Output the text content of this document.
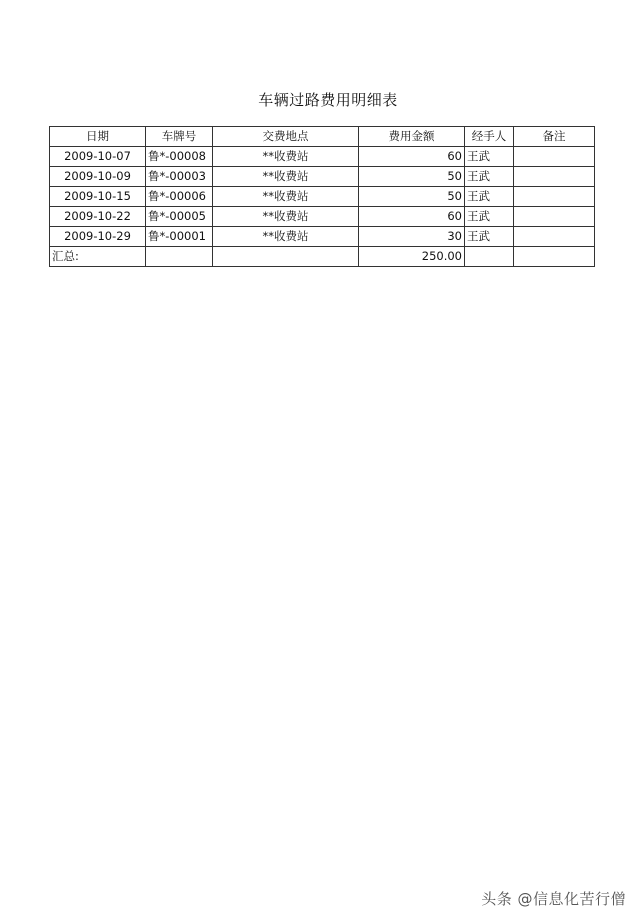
车辆过路费用明细表
日期	车牌号	交费地点	费用金额	经手人	备注
2009-10-07	鲁*-00008	**收费站	60	王武	
2009-10-09	鲁*-00003	**收费站	50	王武	
2009-10-15	鲁*-00006	**收费站	50	王武	
2009-10-22	鲁*-00005	**收费站	60	王武	
2009-10-29	鲁*-00001	**收费站	30	王武	
汇总:			250.00		
头条 @信息化苦行僧
